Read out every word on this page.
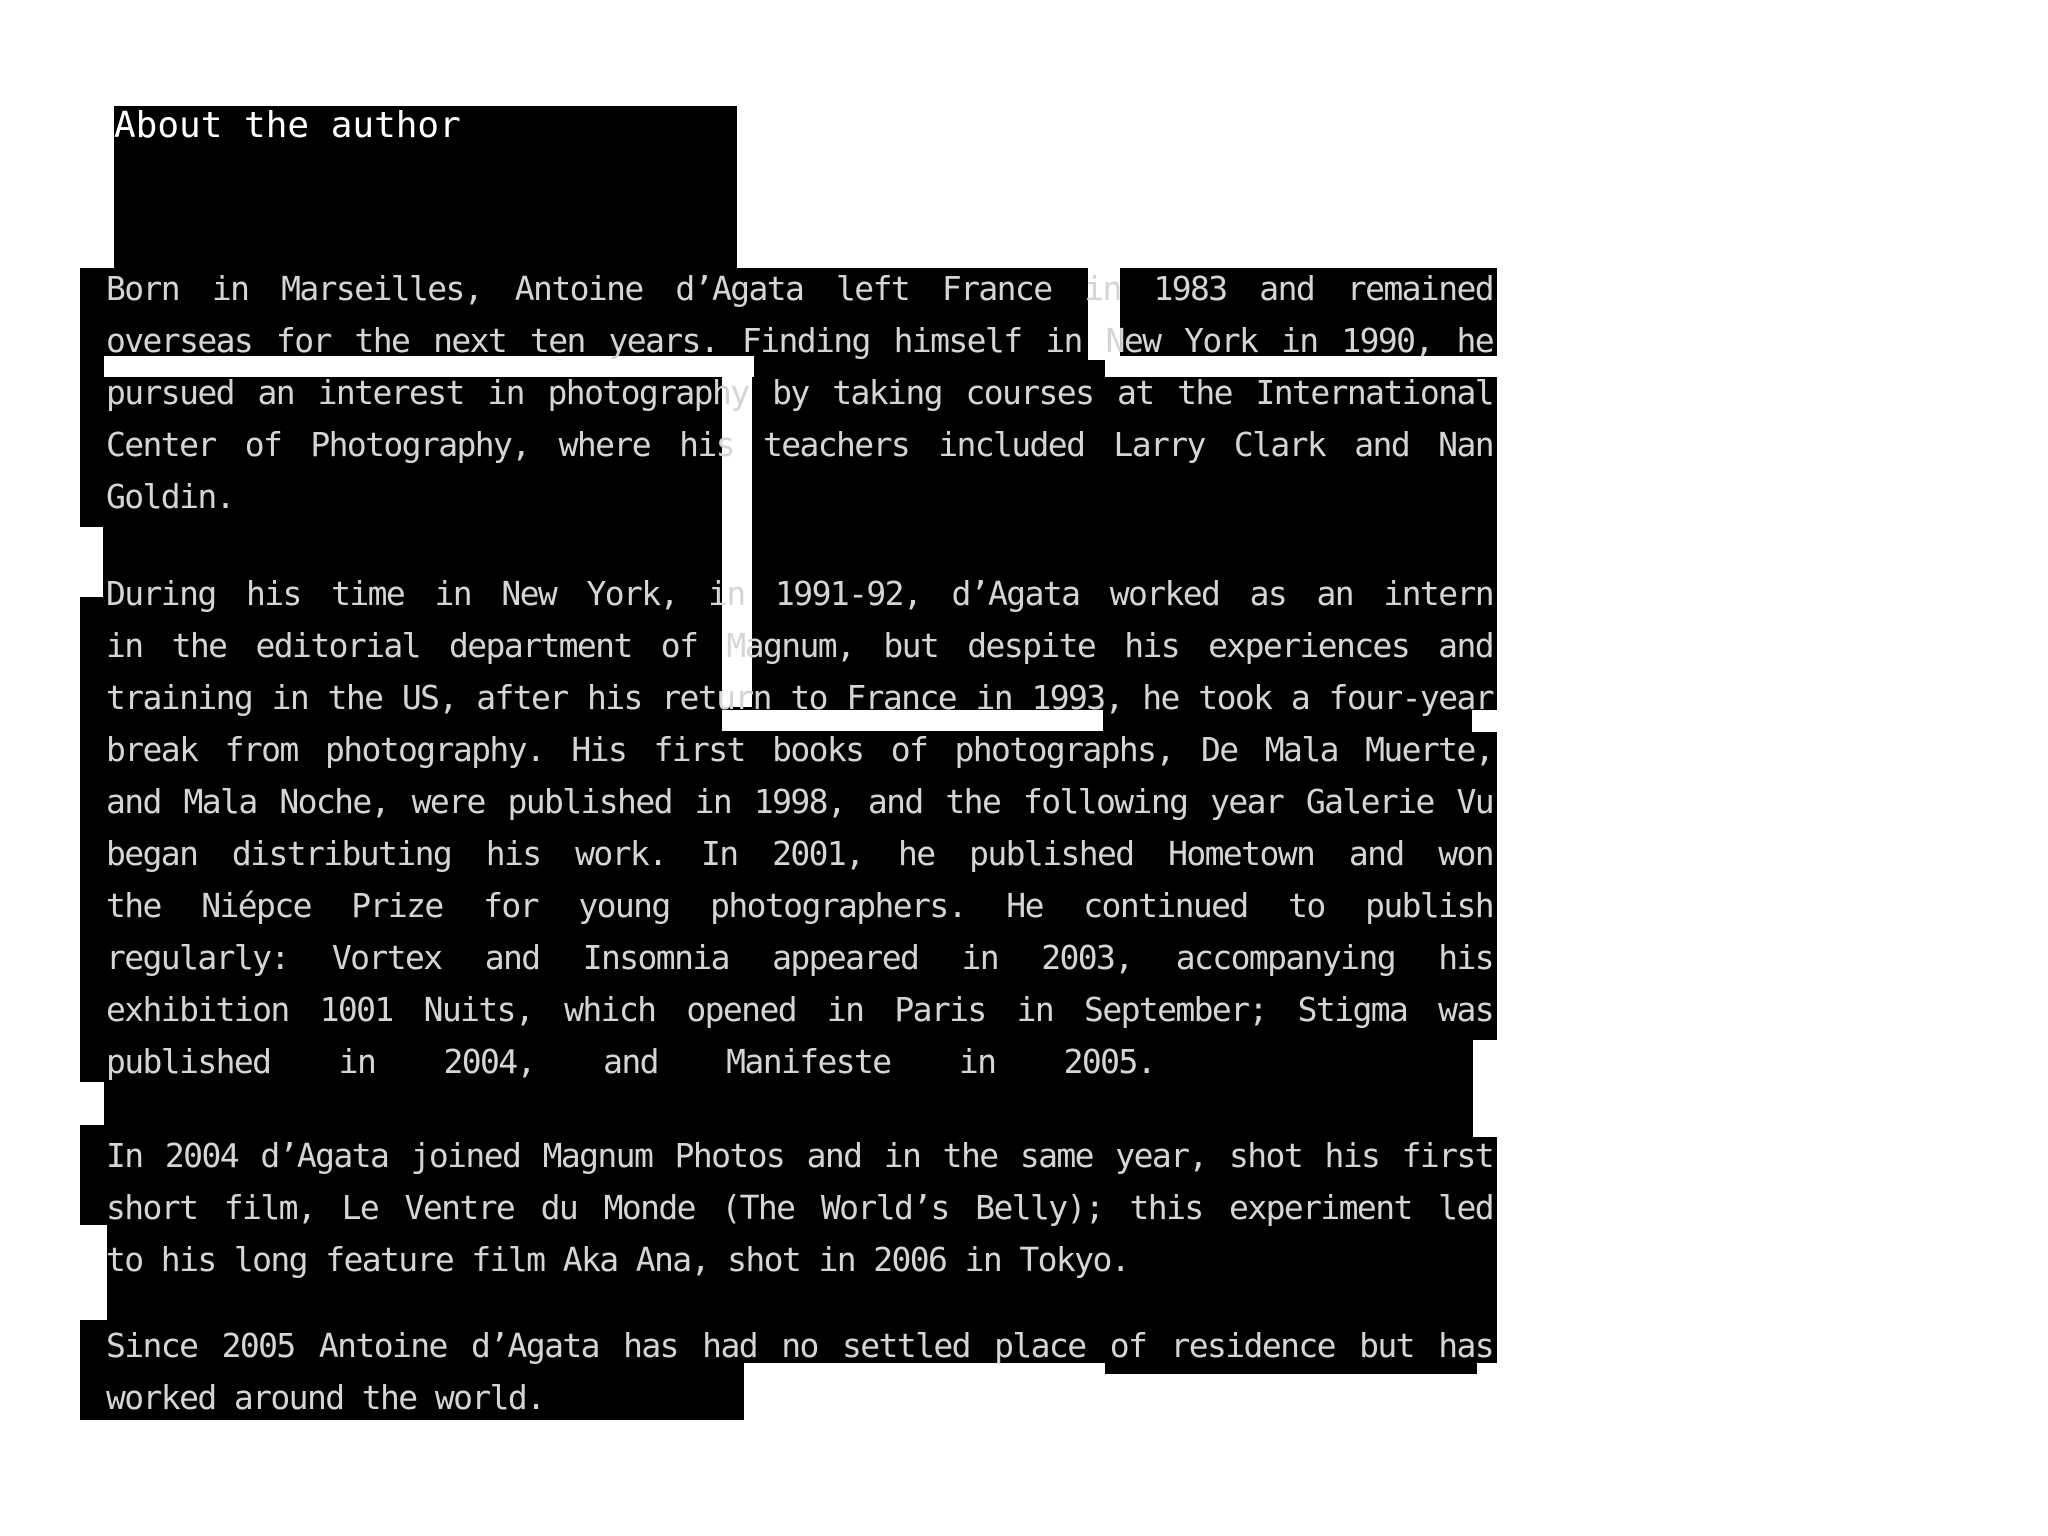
About the author
Born in Marseilles, Antoine d’Agata left France in 1983 and remained
overseas for the next ten years. Finding himself in New York in 1990, he
pursued an interest in photography by taking courses at the International
Center of Photography, where his teachers included Larry Clark and Nan
Goldin.
During his time in New York, in 1991-92, d’Agata worked as an intern
in the editorial department of Magnum, but despite his experiences and
training in the US, after his return to France in 1993, he took a four-year
break from photography. His first books of photographs, De Mala Muerte,
and Mala Noche, were published in 1998, and the following year Galerie Vu
began distributing his work. In 2001, he published Hometown and won
the Niépce Prize for young photographers. He continued to publish
regularly: Vortex and Insomnia appeared in 2003, accompanying his
exhibition 1001 Nuits, which opened in Paris in September; Stigma was
published in 2004, and Manifeste in 2005.
In 2004 d’Agata joined Magnum Photos and in the same year, shot his first
short film, Le Ventre du Monde (The World’s Belly); this experiment led
to his long feature film Aka Ana, shot in 2006 in Tokyo.
Since 2005 Antoine d’Agata has had no settled place of residence but has
worked around the world.
